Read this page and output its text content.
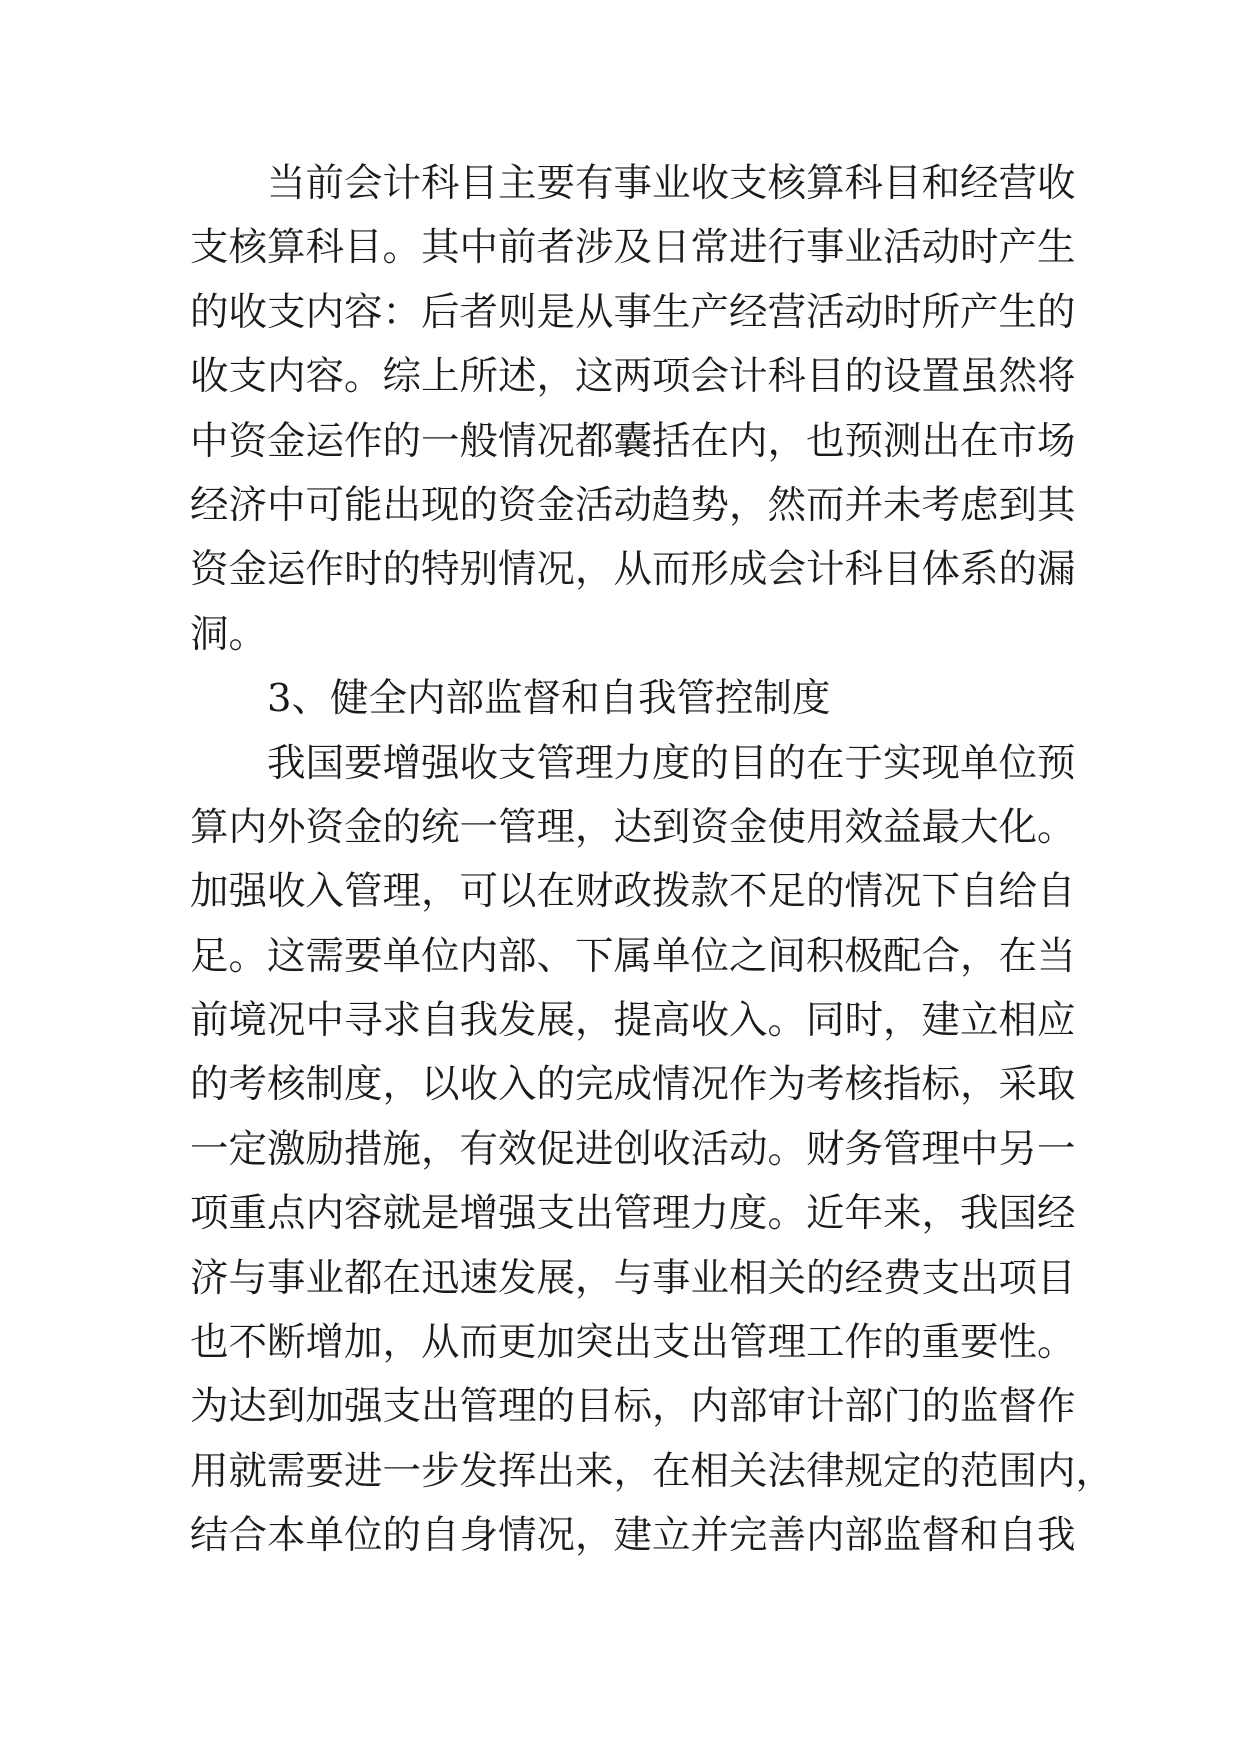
当前会计科目主要有事业收支核算科目和经营收
支核算科目。其中前者涉及日常进行事业活动时产生
的收支内容：后者则是从事生产经营活动时所产生的
收支内容。综上所述，这两项会计科目的设置虽然将
中资金运作的一般情况都囊括在内，也预测出在市场
经济中可能出现的资金活动趋势，然而并未考虑到其
资金运作时的特别情况，从而形成会计科目体系的漏
洞。
3、健全内部监督和自我管控制度
我国要增强收支管理力度的目的在于实现单位预
算内外资金的统一管理，达到资金使用效益最大化。
加强收入管理，可以在财政拨款不足的情况下自给自
足。这需要单位内部、下属单位之间积极配合，在当
前境况中寻求自我发展，提高收入。同时，建立相应
的考核制度，以收入的完成情况作为考核指标，采取
一定激励措施，有效促进创收活动。财务管理中另一
项重点内容就是增强支出管理力度。近年来，我国经
济与事业都在迅速发展，与事业相关的经费支出项目
也不断增加，从而更加突出支出管理工作的重要性。
为达到加强支出管理的目标，内部审计部门的监督作
用就需要进一步发挥出来，在相关法律规定的范围内，
结合本单位的自身情况，建立并完善内部监督和自我
